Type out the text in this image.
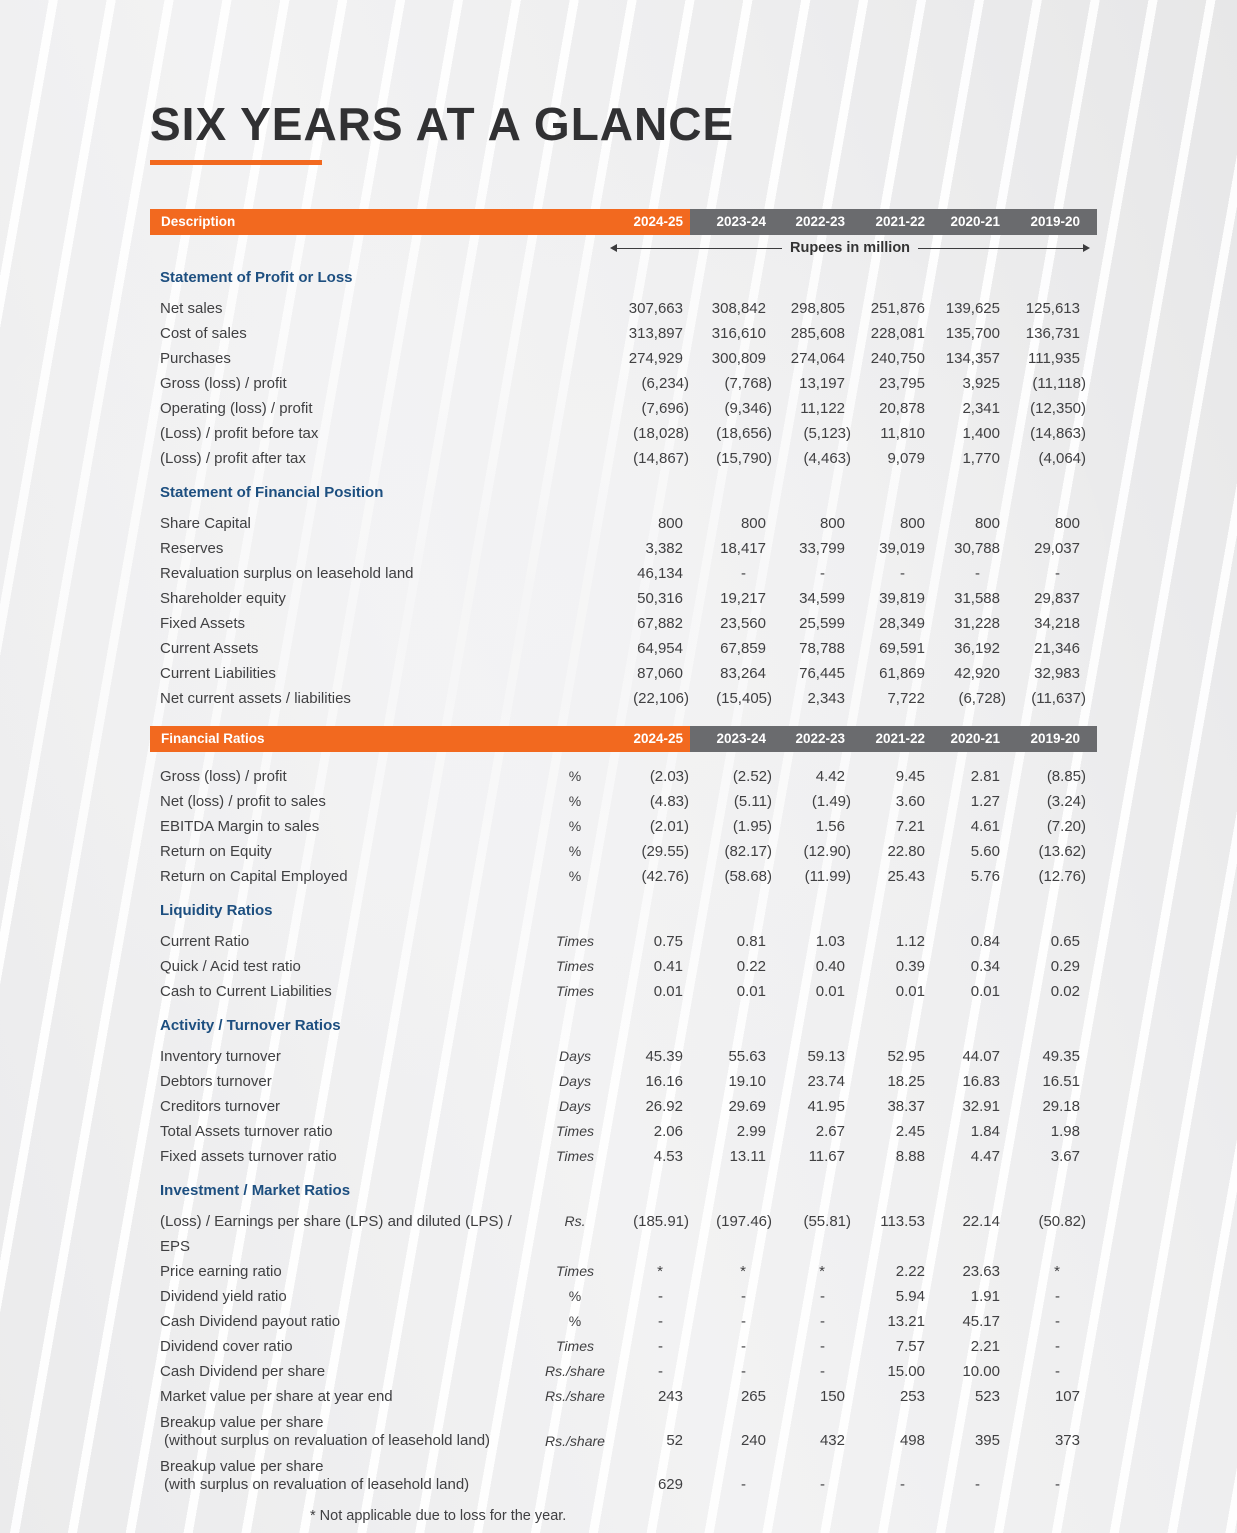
SIX YEARS AT A GLANCE
Description	2024-25	2023-24	2022-23	2021-22	2020-21	2019-20
Rupees in million
Statement of Profit or Loss
Net sales	307,663	308,842	298,805	251,876	139,625	125,613
Cost of sales	313,897	316,610	285,608	228,081	135,700	136,731
Purchases	274,929	300,809	274,064	240,750	134,357	111,935
Gross (loss) / profit	(6,234)	(7,768)	13,197	23,795	3,925	(11,118)
Operating (loss) / profit	(7,696)	(9,346)	11,122	20,878	2,341	(12,350)
(Loss) / profit before tax	(18,028)	(18,656)	(5,123)	11,810	1,400	(14,863)
(Loss) / profit after tax	(14,867)	(15,790)	(4,463)	9,079	1,770	(4,064)
Statement of Financial Position
Share Capital	800	800	800	800	800	800
Reserves	3,382	18,417	33,799	39,019	30,788	29,037
Revaluation surplus on leasehold land	46,134	-	-	-	-	-
Shareholder equity	50,316	19,217	34,599	39,819	31,588	29,837
Fixed Assets	67,882	23,560	25,599	28,349	31,228	34,218
Current Assets	64,954	67,859	78,788	69,591	36,192	21,346
Current Liabilities	87,060	83,264	76,445	61,869	42,920	32,983
Net current assets / liabilities	(22,106)	(15,405)	2,343	7,722	(6,728)	(11,637)
Financial Ratios	2024-25	2023-24	2022-23	2021-22	2020-21	2019-20
Gross (loss) / profit	%	(2.03)	(2.52)	4.42	9.45	2.81	(8.85)
Net (loss) / profit to sales	%	(4.83)	(5.11)	(1.49)	3.60	1.27	(3.24)
EBITDA Margin to sales	%	(2.01)	(1.95)	1.56	7.21	4.61	(7.20)
Return on Equity	%	(29.55)	(82.17)	(12.90)	22.80	5.60	(13.62)
Return on Capital Employed	%	(42.76)	(58.68)	(11.99)	25.43	5.76	(12.76)
Liquidity Ratios
Current Ratio	Times	0.75	0.81	1.03	1.12	0.84	0.65
Quick / Acid test ratio	Times	0.41	0.22	0.40	0.39	0.34	0.29
Cash to Current Liabilities	Times	0.01	0.01	0.01	0.01	0.01	0.02
Activity / Turnover Ratios
Inventory turnover	Days	45.39	55.63	59.13	52.95	44.07	49.35
Debtors turnover	Days	16.16	19.10	23.74	18.25	16.83	16.51
Creditors turnover	Days	26.92	29.69	41.95	38.37	32.91	29.18
Total Assets turnover ratio	Times	2.06	2.99	2.67	2.45	1.84	1.98
Fixed assets turnover ratio	Times	4.53	13.11	11.67	8.88	4.47	3.67
Investment / Market Ratios
(Loss) / Earnings per share (LPS) and diluted (LPS) / EPS
Rs.	(185.91)	(197.46)	(55.81)	113.53	22.14	(50.82)
Price earning ratio	Times	*	*	*	2.22	23.63	*
Dividend yield ratio	%	-	-	-	5.94	1.91	-
Cash Dividend payout ratio	%	-	-	-	13.21	45.17	-
Dividend cover ratio	Times	-	-	-	7.57	2.21	-
Cash Dividend per share	Rs./share	-	-	-	15.00	10.00	-
Market value per share at year end	Rs./share	243	265	150	253	523	107
Breakup value per share
(without surplus on revaluation of leasehold land)	Rs./share	52	240	432	498	395	373
Breakup value per share
(with surplus on revaluation of leasehold land)	629	-	-	-	-	-
* Not applicable due to loss for the year.
